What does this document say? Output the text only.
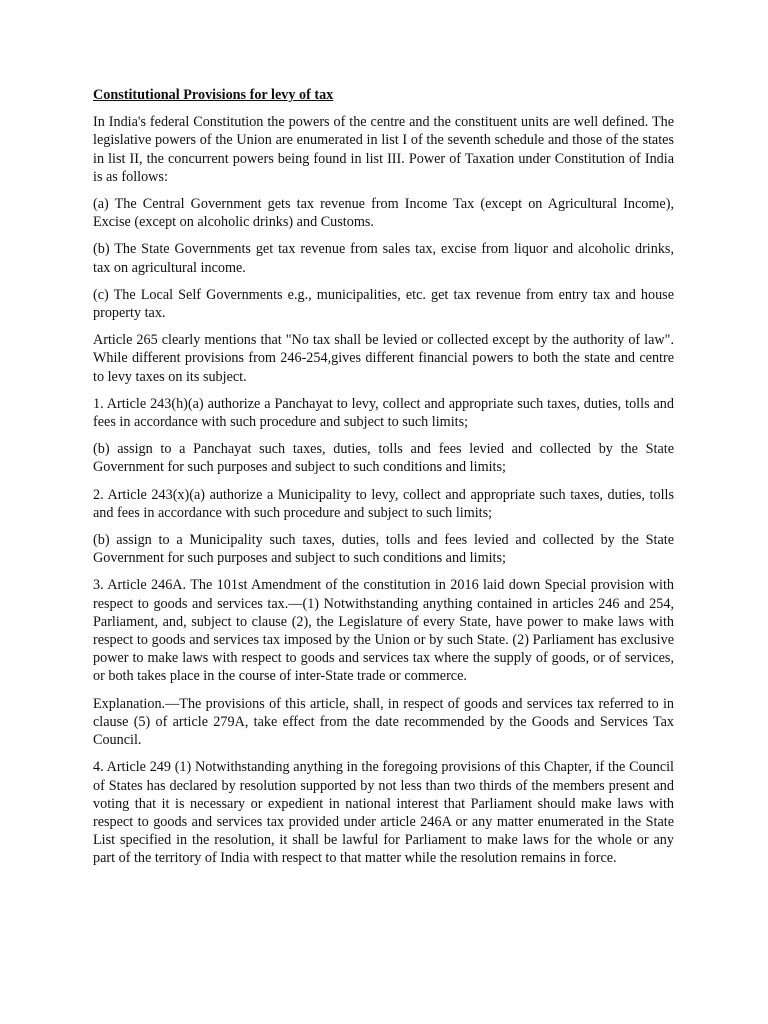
Constitutional Provisions for levy of tax

In India's federal Constitution the powers of the centre and the constituent units are well defined. The legislative powers of the Union are enumerated in list I of the seventh schedule and those of the states in list II, the concurrent powers being found in list III. Power of Taxation under Constitution of India is as follows:

(a) The Central Government gets tax revenue from Income Tax (except on Agricultural Income), Excise (except on alcoholic drinks) and Customs.

(b) The State Governments get tax revenue from sales tax, excise from liquor and alcoholic drinks, tax on agricultural income.

(c) The Local Self Governments e.g., municipalities, etc. get tax revenue from entry tax and house property tax.

Article 265 clearly mentions that "No tax shall be levied or collected except by the authority of law". While different provisions from 246-254,gives different financial powers to both the state and centre to levy taxes on its subject.

1. Article 243(h)(a) authorize a Panchayat to levy, collect and appropriate such taxes, duties, tolls and fees in accordance with such procedure and subject to such limits;

(b) assign to a Panchayat such taxes, duties, tolls and fees levied and collected by the State Government for such purposes and subject to such conditions and limits;

2. Article 243(x)(a) authorize a Municipality to levy, collect and appropriate such taxes, duties, tolls and fees in accordance with such procedure and subject to such limits;

(b) assign to a Municipality such taxes, duties, tolls and fees levied and collected by the State Government for such purposes and subject to such conditions and limits;

3. Article 246A. The 101st Amendment of the constitution in 2016 laid down Special provision with respect to goods and services tax.—(1) Notwithstanding anything contained in articles 246 and 254, Parliament, and, subject to clause (2), the Legislature of every State, have power to make laws with respect to goods and services tax imposed by the Union or by such State. (2) Parliament has exclusive power to make laws with respect to goods and services tax where the supply of goods, or of services, or both takes place in the course of inter-State trade or commerce.

Explanation.—The provisions of this article, shall, in respect of goods and services tax referred to in clause (5) of article 279A, take effect from the date recommended by the Goods and Services Tax Council.

4. Article 249 (1) Notwithstanding anything in the foregoing provisions of this Chapter, if the Council of States has declared by resolution supported by not less than two thirds of the members present and voting that it is necessary or expedient in national interest that Parliament should make laws with respect to goods and services tax provided under article 246A or any matter enumerated in the State List specified in the resolution, it shall be lawful for Parliament to make laws for the whole or any part of the territory of India with respect to that matter while the resolution remains in force.
